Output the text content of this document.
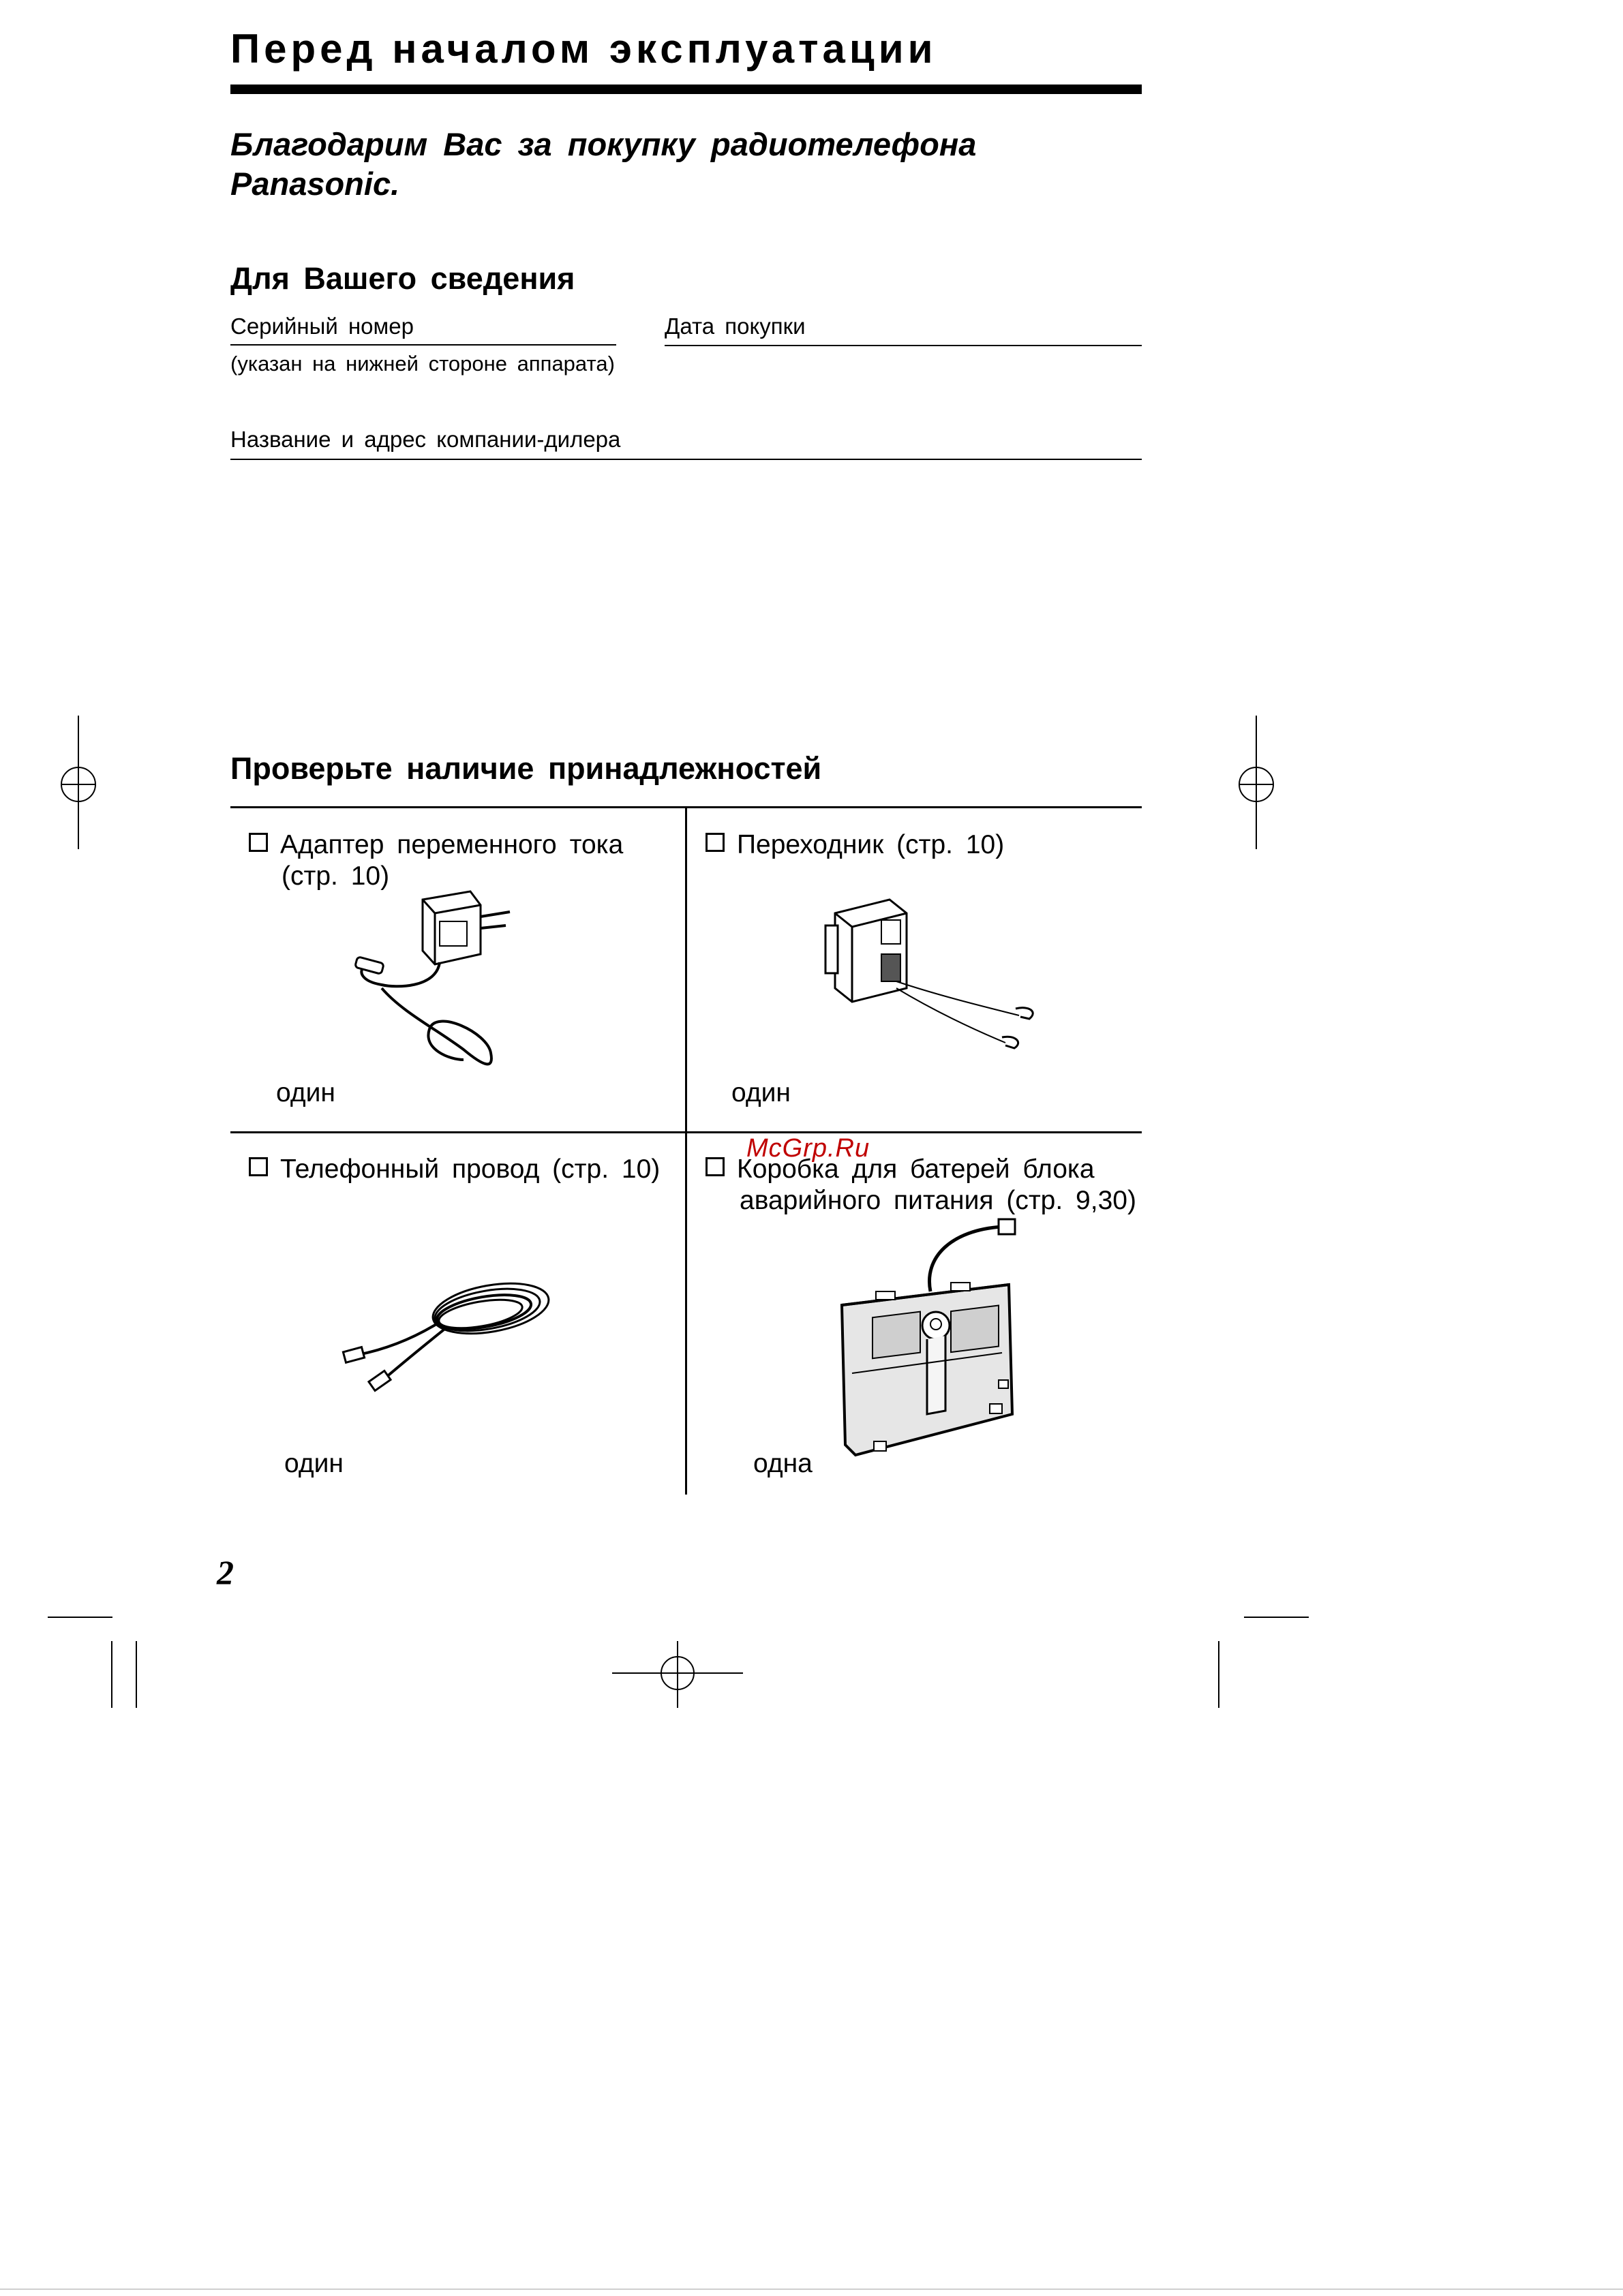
Перед началом эксплуатации
Благодарим Вас за покупку радиотелефона
Panasonic.
Для Вашего сведения
Серийный номер
(указан на нижней стороне аппарата)
Дата покупки
Название и адрес компании-дилера
Проверьте наличие принадлежностей
Адаптер переменного тока
(стр. 10)
один
Переходник (стр. 10)
один
McGrp.Ru
Телефонный провод (стр. 10)
один
Коробка для батерей блока
аварийного питания (стр. 9,30)
одна
2
